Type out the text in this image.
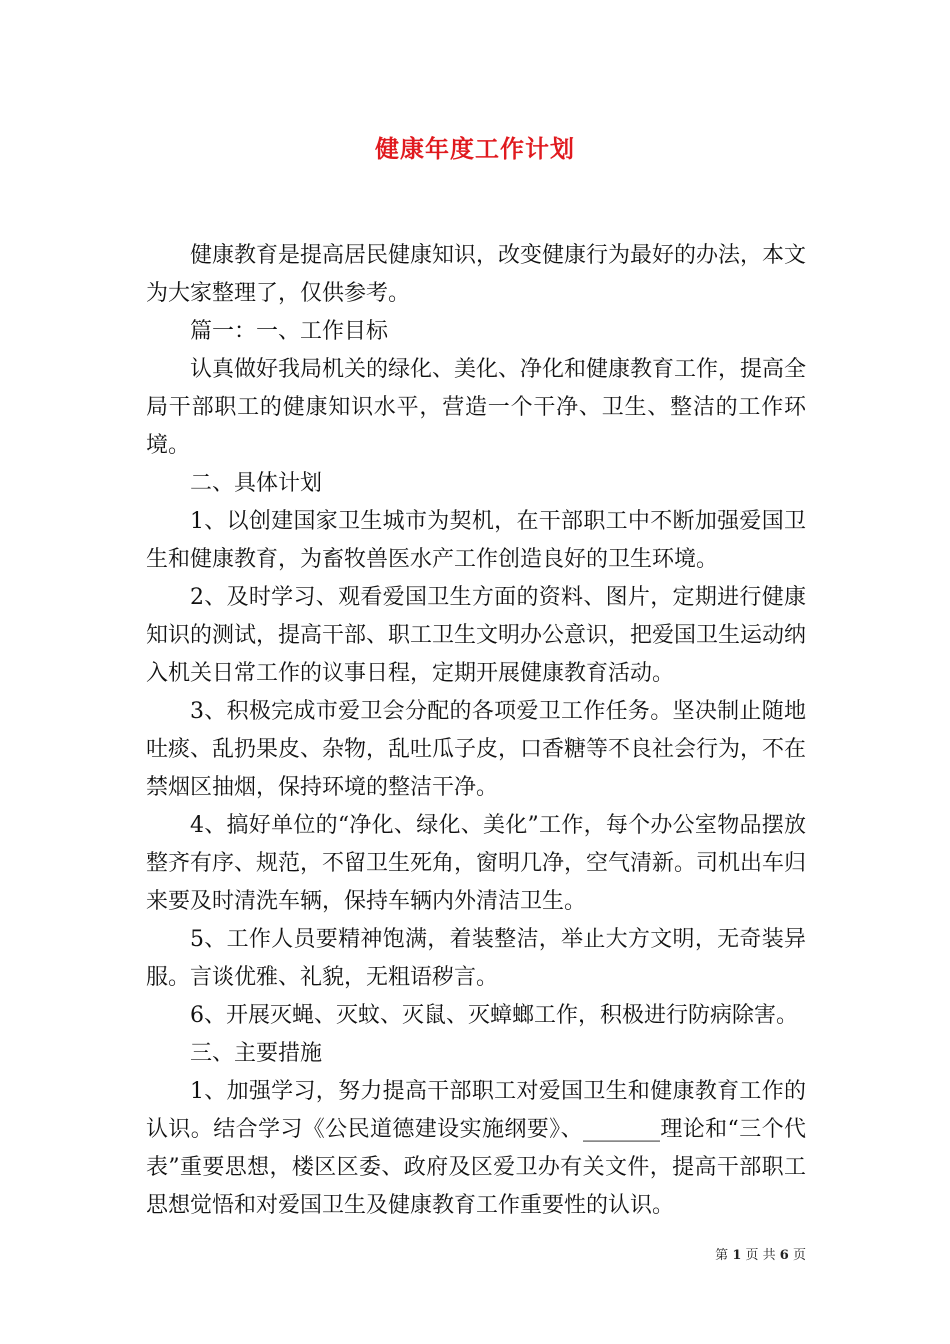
健康年度工作计划

健康教育是提高居民健康知识，改变健康行为最好的办法，本文为大家整理了，仅供参考。

篇一：一、工作目标

认真做好我局机关的绿化、美化、净化和健康教育工作，提高全局干部职工的健康知识水平，营造一个干净、卫生、整洁的工作环境。

二、具体计划

1、以创建国家卫生城市为契机，在干部职工中不断加强爱国卫生和健康教育，为畜牧兽医水产工作创造良好的卫生环境。

2、及时学习、观看爱国卫生方面的资料、图片，定期进行健康知识的测试，提高干部、职工卫生文明办公意识，把爱国卫生运动纳入机关日常工作的议事日程，定期开展健康教育活动。

3、积极完成市爱卫会分配的各项爱卫工作任务。坚决制止随地吐痰、乱扔果皮、杂物，乱吐瓜子皮，口香糖等不良社会行为，不在禁烟区抽烟，保持环境的整洁干净。

4、搞好单位的“净化、绿化、美化”工作，每个办公室物品摆放整齐有序、规范，不留卫生死角，窗明几净，空气清新。司机出车归来要及时清洗车辆，保持车辆内外清洁卫生。

5、工作人员要精神饱满，着装整洁，举止大方文明，无奇装异服。言谈优雅、礼貌，无粗语秽言。

6、开展灭蝇、灭蚊、灭鼠、灭蟑螂工作，积极进行防病除害。

三、主要措施

1、加强学习，努力提高干部职工对爱国卫生和健康教育工作的认识。结合学习《公民道德建设实施纲要》、_______理论和“三个代表”重要思想，楼区区委、政府及区爱卫办有关文件，提高干部职工思想觉悟和对爱国卫生及健康教育工作重要性的认识。

第 1 页 共 6 页
